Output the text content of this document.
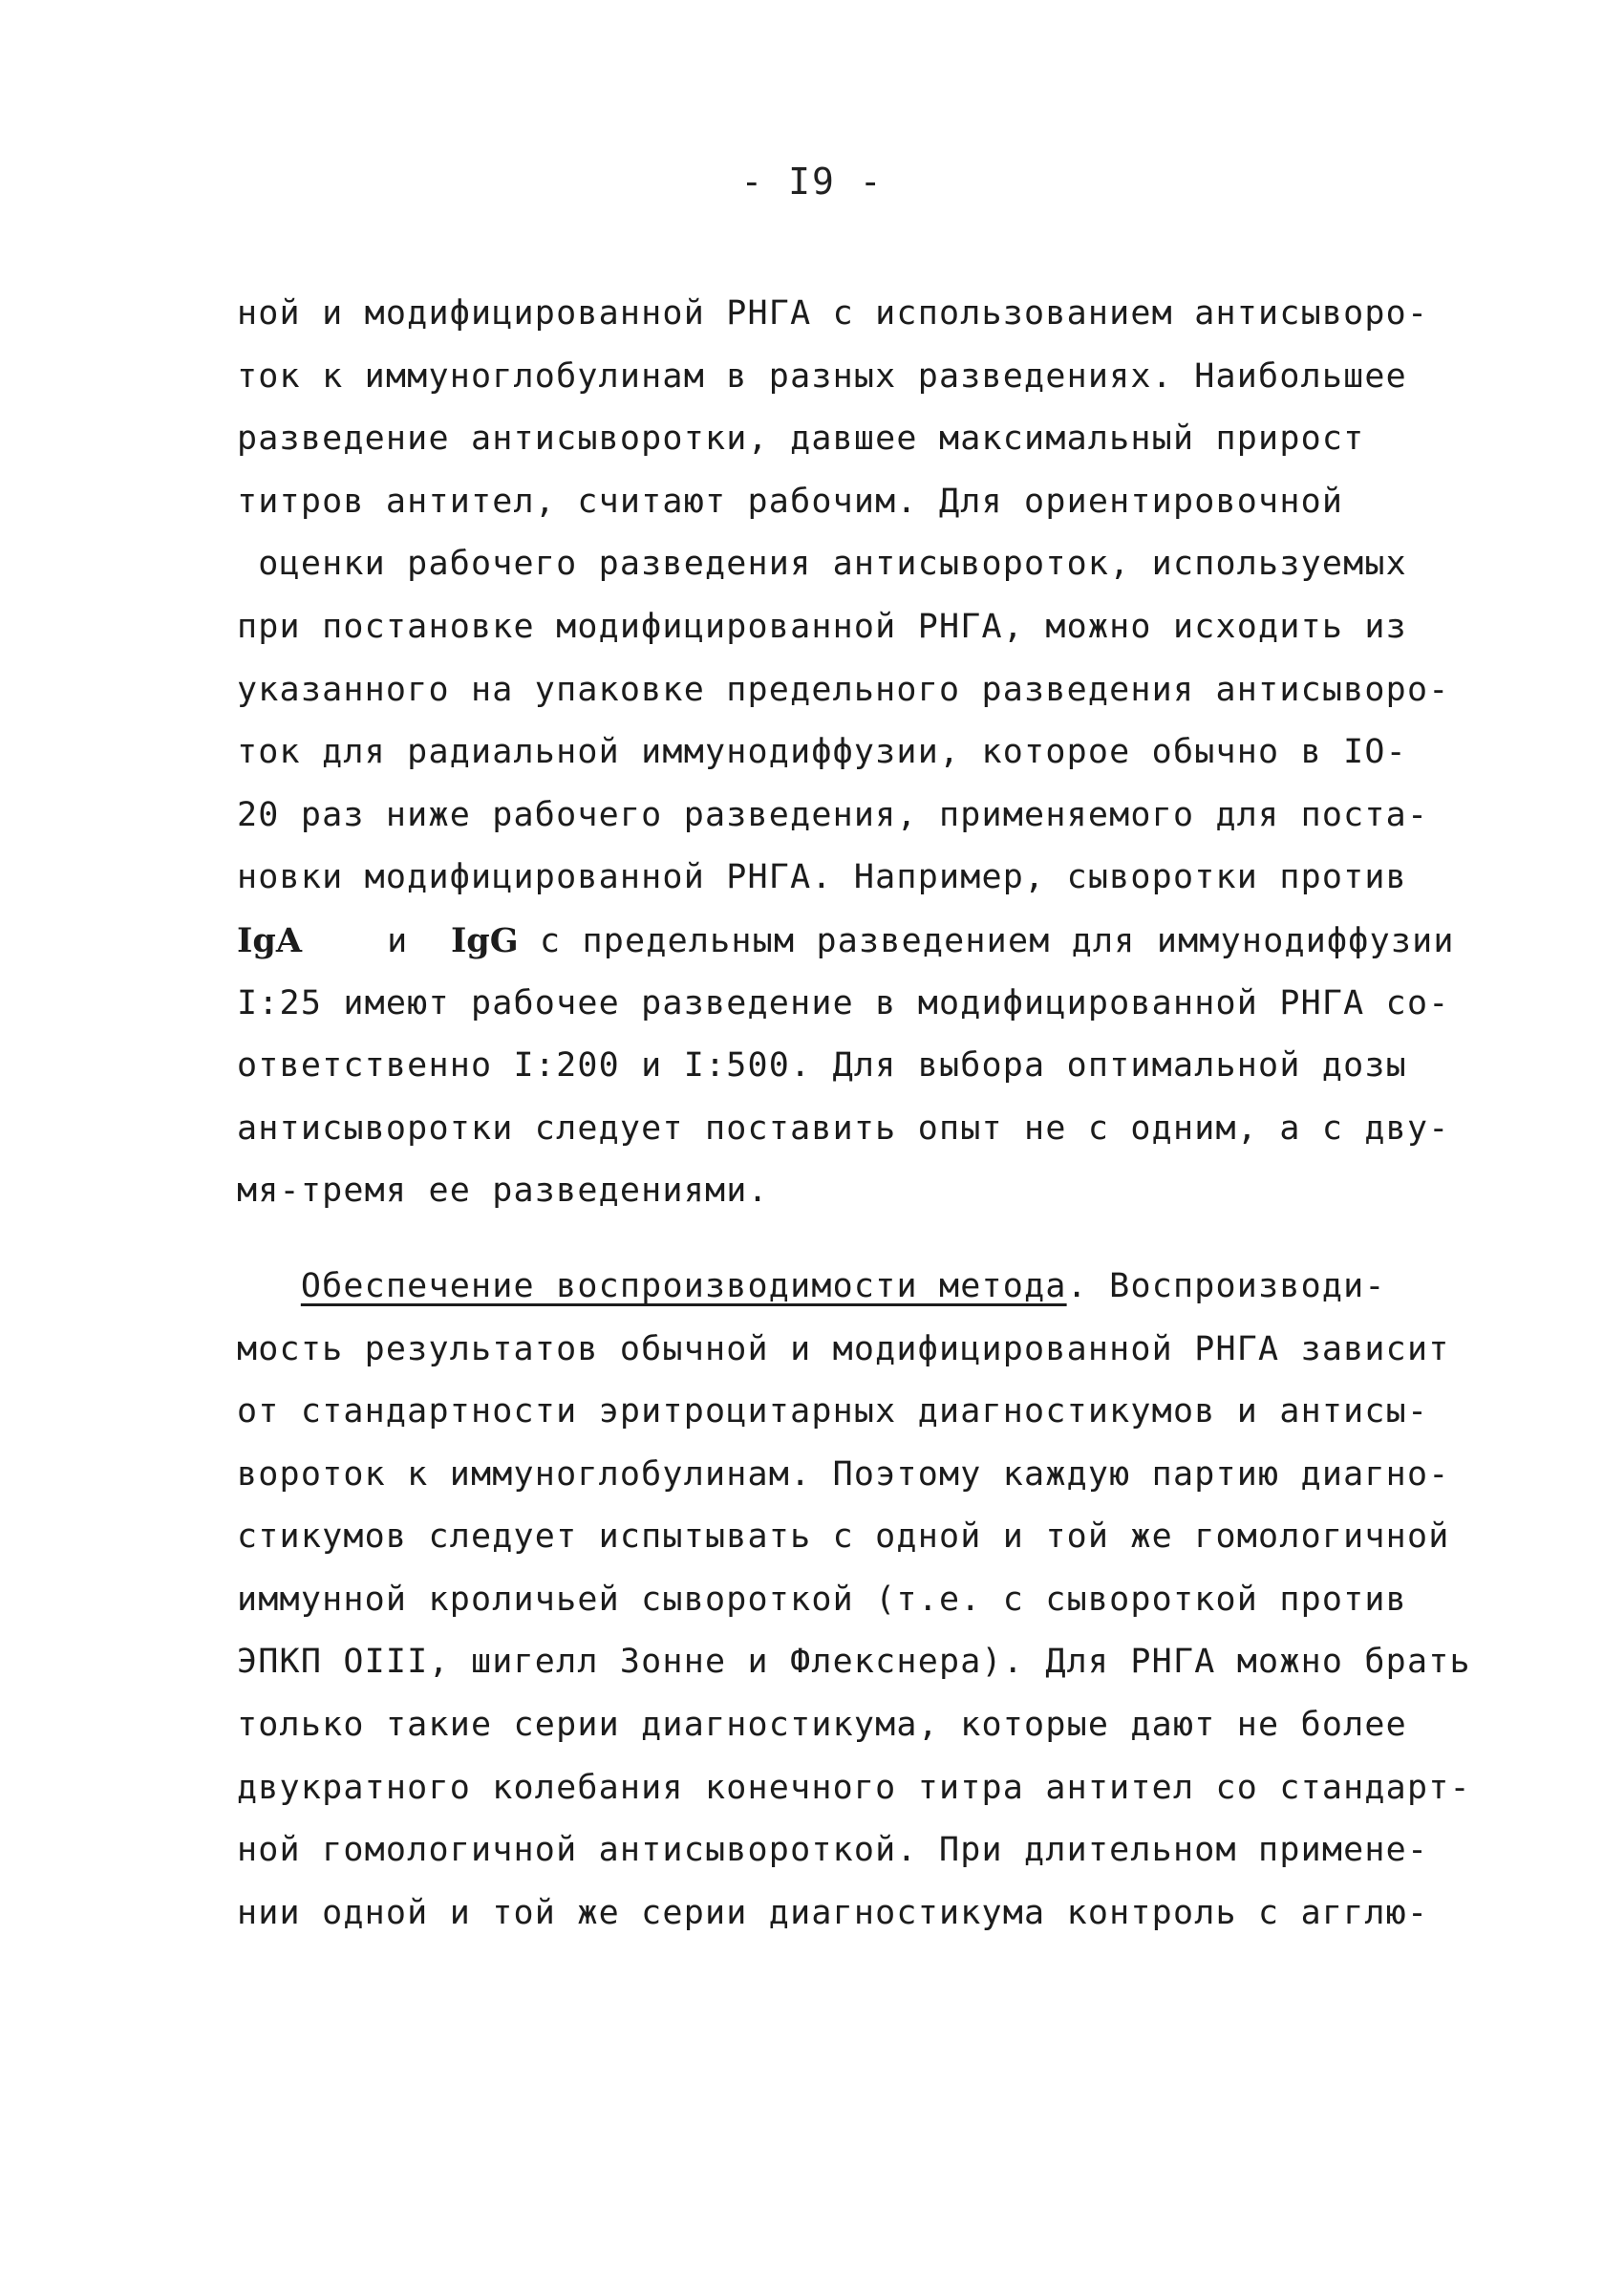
- I9 -
ной и модифицированной РНГА с использованием антисыворо-
ток к иммуноглобулинам в разных разведениях. Наибольшее
разведение антисыворотки, давшее максимальный прирост
титров антител, считают рабочим. Для ориентировочной
оценки рабочего разведения антисывороток, используемых
при постановке модифицированной РНГА, можно исходить из
указанного на упаковке предельного разведения антисыворо-
ток для радиальной иммунодиффузии, которое обычно в IO-
20 раз ниже рабочего разведения, применяемого для поста-
новки модифицированной РНГА. Например, сыворотки против
IgA	и IgG с предельным разведением для иммунодиффузии
I:25 имеют рабочее разведение в модифицированной РНГА со-
ответственно I:200 и I:500. Для выбора оптимальной дозы
антисыворотки следует поставить опыт не с одним, а с дву-
мя-тремя ее разведениями.
Обеспечение воспроизводимости метода. Воспроизводи-
мость результатов обычной и модифицированной РНГА зависит
от стандартности эритроцитарных диагностикумов и антисы-
вороток к иммуноглобулинам. Поэтому каждую партию диагно-
стикумов следует испытывать с одной и той же гомологичной
иммунной кроличьей сывороткой (т.е. с сывороткой против
ЭПКП OIII, шигелл Зонне и Флекснера). Для РНГА можно брать
только такие серии диагностикума, которые дают не более
двукратного колебания конечного титра антител со стандарт-
ной гомологичной антисывороткой. При длительном примене-
нии одной и той же серии диагностикума контроль с агглю-
